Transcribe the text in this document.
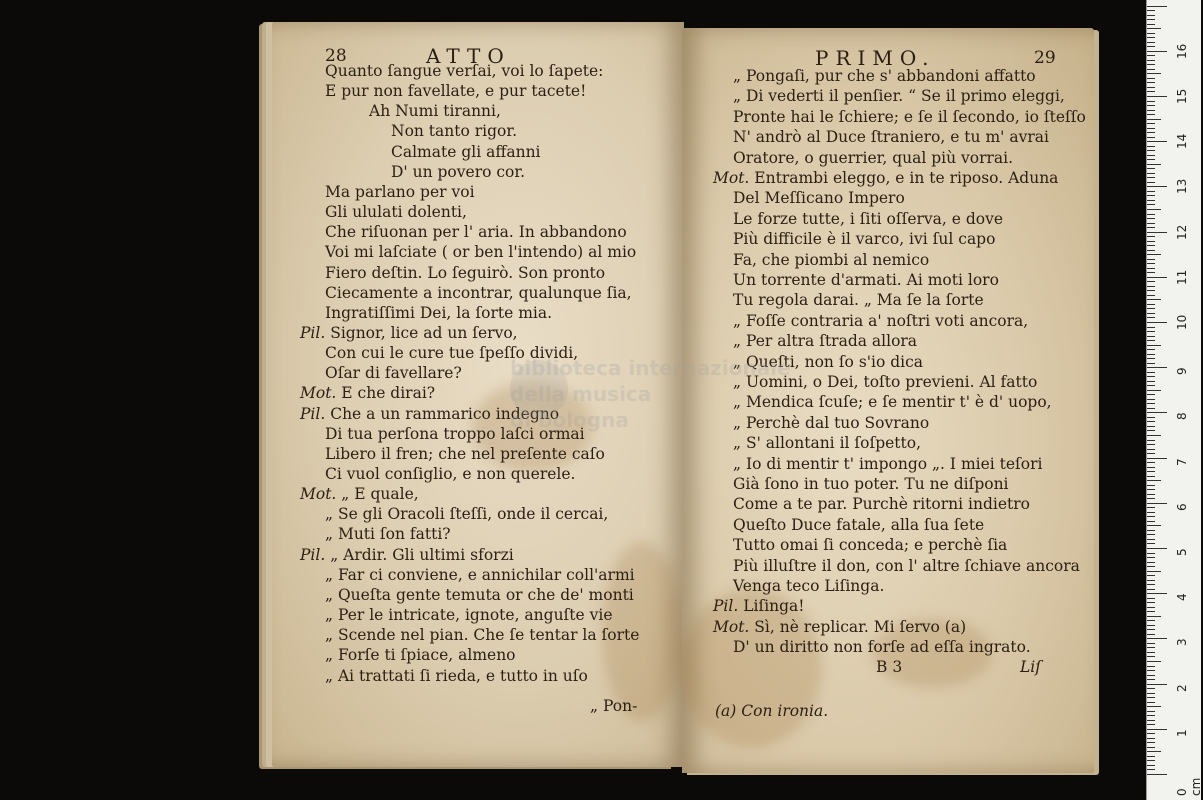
28	ATTO	PRIMO.	29
Quanto ſangue verſai, voi lo ſapete:
E pur non favellate, e pur tacete!
Ah Numi tiranni,
Non tanto rigor.
Calmate gli affanni
D' un povero cor.
Ma parlano per voi
Gli ululati dolenti,
Che riſuonan per l' aria. In abbandono
Voi mi laſciate ( or ben l'intendo) al mio
Fiero deſtin. Lo ſeguirò. Son pronto
Ciecamente a incontrar, qualunque ſia,
Ingratiſſimi Dei, la ſorte mia.
Pil. Signor, lice ad un ſervo,
Con cui le cure tue ſpeſſo dividi,
Oſar di favellare?
Mot. E che dirai?
Pil. Che a un rammarico indegno
Di tua perſona troppo laſci ormai
Libero il fren; che nel preſente caſo
Ci vuol conſiglio, e non querele.
Mot. „ E quale,
„ Se gli Oracoli ſteſſi, onde il cercai,
„ Muti ſon fatti?
Pil. „ Ardir. Gli ultimi sforzi
„ Far ci conviene, e annichilar coll'armi
„ Queſta gente temuta or che de' monti
„ Per le intricate, ignote, anguſte vie
„ Scende nel pian. Che ſe tentar la ſorte
„ Forſe ti ſpiace, almeno
„ Ai trattati ſi rieda, e tutto in uſo
„ Pongaſi, pur che s' abbandoni affatto
„ Di vederti il penſier. “ Se il primo eleggi,
Pronte hai le ſchiere; e ſe il ſecondo, io ſteſſo
N' andrò al Duce ſtraniero, e tu m' avrai
Oratore, o guerrier, qual più vorrai.
Mot. Entrambi eleggo, e in te riposo. Aduna
Del Meſſicano Impero
Le forze tutte, i ſiti oſſerva, e dove
Più difficile è il varco, ivi ſul capo
Fa, che piombi al nemico
Un torrente d'armati. Ai moti loro
Tu regola darai. „ Ma ſe la ſorte
„ Foſſe contraria a' noſtri voti ancora,
„ Per altra ſtrada allora
„ Queſti, non ſo s'io dica
„ Uomini, o Dei, toſto previeni. Al fatto
„ Mendica ſcuſe; e ſe mentir t' è d' uopo,
„ Perchè dal tuo Sovrano
„ S' allontani il ſoſpetto,
„ Io di mentir t' impongo „. I miei teſori
Già ſono in tuo poter. Tu ne diſponi
Come a te par. Purchè ritorni indietro
Queſto Duce fatale, alla ſua ſete
Tutto omai ſi conceda; e perchè ſia
Più illuſtre il don, con l' altre ſchiave ancora
Venga teco Liſinga.
Pil. Liſinga!
Mot. Sì, nè replicar. Mi ſervo (a)
D' un diritto non forſe ad eſſa ingrato.
„ Pon-
B 3	Liſ
(a) Con ironia.
biblioteca internazionale
della musica
di bologna
16
15
14
13
12
11
10
9
8
7
6
5
4
3
2
1
0 cm
